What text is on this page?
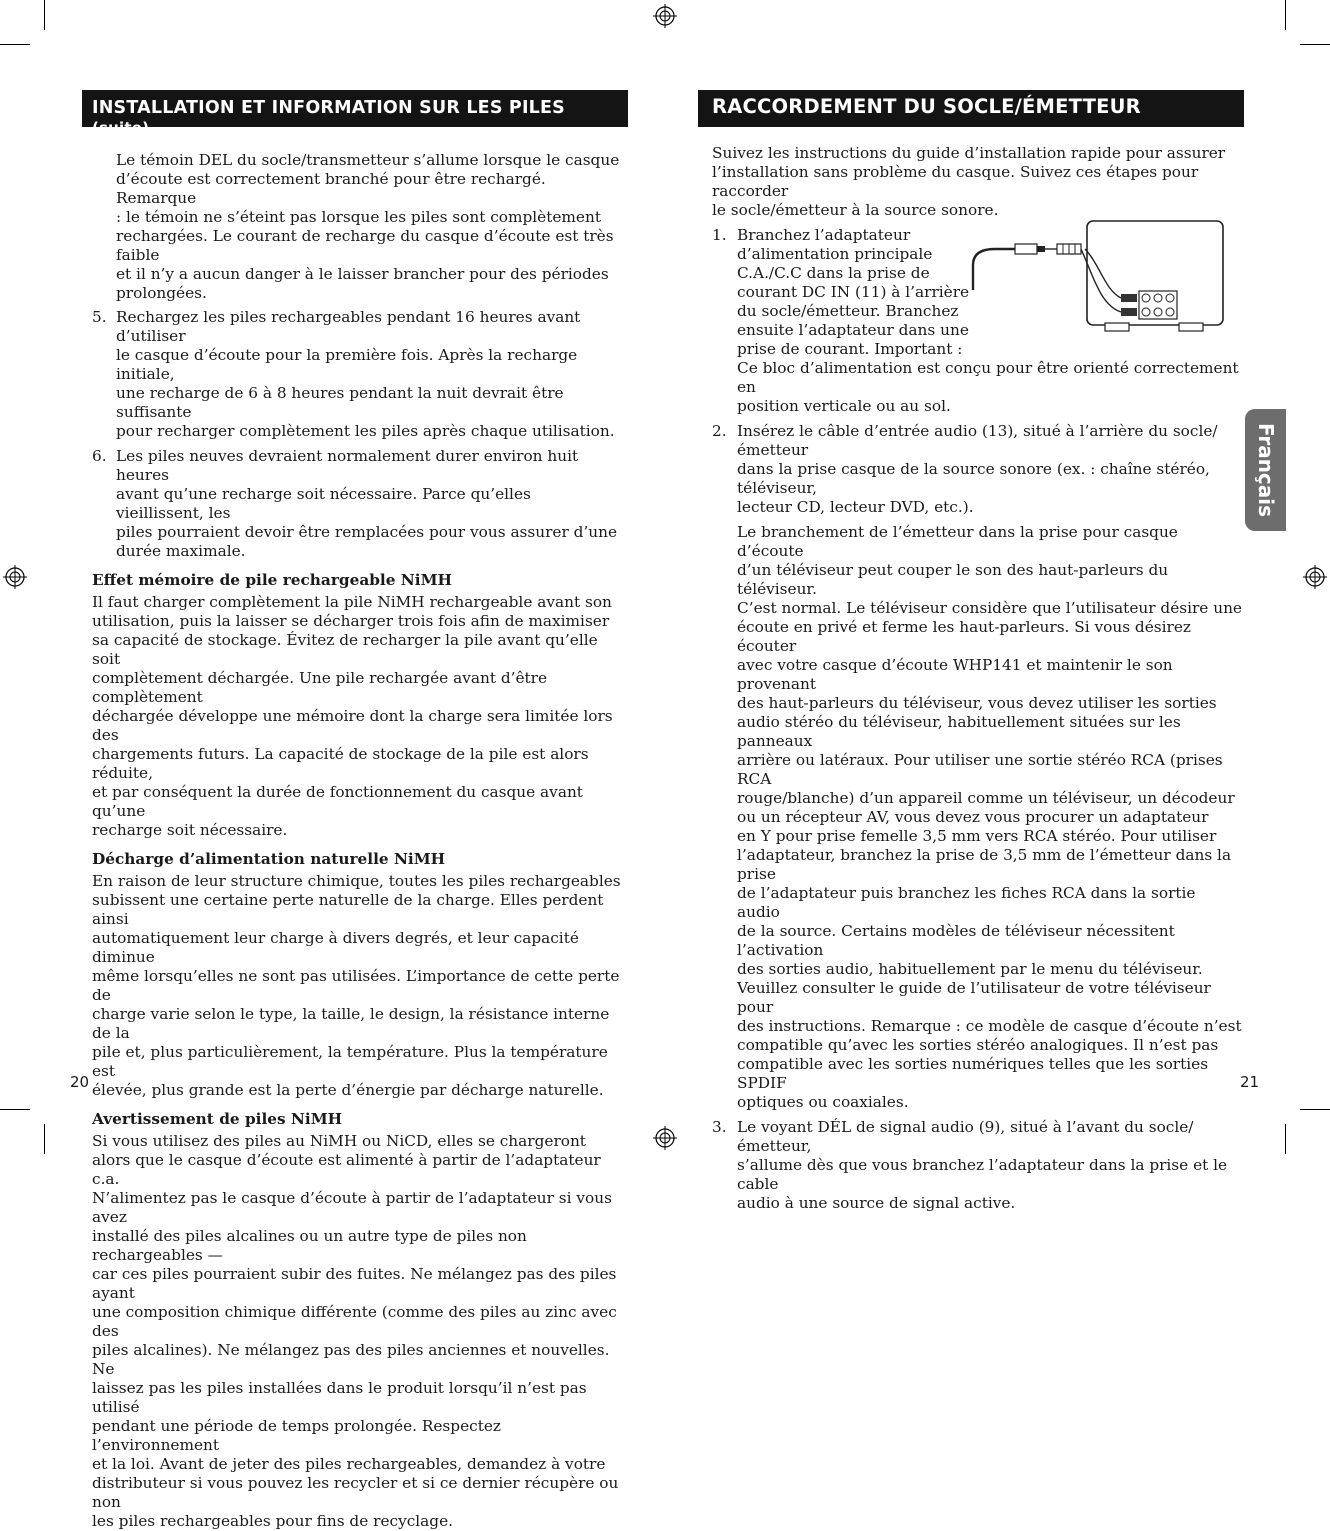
INSTALLATION ET INFORMATION SUR LES PILES (suite)
Le témoin DEL du socle/transmetteur s’allume lorsque le casque
d’écoute est correctement branché pour être rechargé. Remarque
: le témoin ne s’éteint pas lorsque les piles sont complètement
rechargées. Le courant de recharge du casque d’écoute est très faible
et il n’y a aucun danger à le laisser brancher pour des périodes
prolongées.
5. Rechargez les piles rechargeables pendant 16 heures avant d’utiliser
le casque d’écoute pour la première fois. Après la recharge initiale,
une recharge de 6 à 8 heures pendant la nuit devrait être suffisante
pour recharger complètement les piles après chaque utilisation.
6. Les piles neuves devraient normalement durer environ huit heures
avant qu’une recharge soit nécessaire. Parce qu’elles vieillissent, les
piles pourraient devoir être remplacées pour vous assurer d’une
durée maximale.
Effet mémoire de pile rechargeable NiMH
Il faut charger complètement la pile NiMH rechargeable avant son
utilisation, puis la laisser se décharger trois fois afin de maximiser
sa capacité de stockage. Évitez de recharger la pile avant qu’elle soit
complètement déchargée. Une pile rechargée avant d’être complètement
déchargée développe une mémoire dont la charge sera limitée lors des
chargements futurs. La capacité de stockage de la pile est alors réduite,
et par conséquent la durée de fonctionnement du casque avant qu’une
recharge soit nécessaire.
Décharge d’alimentation naturelle NiMH
En raison de leur structure chimique, toutes les piles rechargeables
subissent une certaine perte naturelle de la charge. Elles perdent ainsi
automatiquement leur charge à divers degrés, et leur capacité diminue
même lorsqu’elles ne sont pas utilisées. L’importance de cette perte de
charge varie selon le type, la taille, le design, la résistance interne de la
pile et, plus particulièrement, la température. Plus la température est
élevée, plus grande est la perte d’énergie par décharge naturelle.
Avertissement de piles NiMH
Si vous utilisez des piles au NiMH ou NiCD, elles se chargeront
alors que le casque d’écoute est alimenté à partir de l’adaptateur c.a.
N’alimentez pas le casque d’écoute à partir de l’adaptateur si vous avez
installé des piles alcalines ou un autre type de piles non rechargeables —
car ces piles pourraient subir des fuites. Ne mélangez pas des piles ayant
une composition chimique différente (comme des piles au zinc avec des
piles alcalines). Ne mélangez pas des piles anciennes et nouvelles. Ne
laissez pas les piles installées dans le produit lorsqu’il n’est pas utilisé
pendant une période de temps prolongée. Respectez l’environnement
et la loi. Avant de jeter des piles rechargeables, demandez à votre
distributeur si vous pouvez les recycler et si ce dernier récupère ou non
les piles rechargeables pour fins de recyclage.
20
RACCORDEMENT DU SOCLE/ÉMETTEUR
Suivez les instructions du guide d’installation rapide pour assurer
l’installation sans problème du casque. Suivez ces étapes pour raccorder
le socle/émetteur à la source sonore.
1. Branchez l’adaptateur
d’alimentation principale
C.A./C.C dans la prise de
courant DC IN (11) à l’arrière
du socle/émetteur. Branchez
ensuite l’adaptateur dans une
prise de courant. Important :
Ce bloc d’alimentation est conçu pour être orienté correctement en
position verticale ou au sol.
2. Insérez le câble d’entrée audio (13), situé à l’arrière du socle/émetteur
dans la prise casque de la source sonore (ex. : chaîne stéréo, téléviseur,
lecteur CD, lecteur DVD, etc.).
Le branchement de l’émetteur dans la prise pour casque d’écoute
d’un téléviseur peut couper le son des haut-parleurs du téléviseur.
C’est normal. Le téléviseur considère que l’utilisateur désire une
écoute en privé et ferme les haut-parleurs. Si vous désirez écouter
avec votre casque d’écoute WHP141 et maintenir le son provenant
des haut-parleurs du téléviseur, vous devez utiliser les sorties
audio stéréo du téléviseur, habituellement situées sur les panneaux
arrière ou latéraux. Pour utiliser une sortie stéréo RCA (prises RCA
rouge/blanche) d’un appareil comme un téléviseur, un décodeur
ou un récepteur AV, vous devez vous procurer un adaptateur
en Y pour prise femelle 3,5 mm vers RCA stéréo. Pour utiliser
l’adaptateur, branchez la prise de 3,5 mm de l’émetteur dans la prise
de l’adaptateur puis branchez les fiches RCA dans la sortie audio
de la source. Certains modèles de téléviseur nécessitent l’activation
des sorties audio, habituellement par le menu du téléviseur.
Veuillez consulter le guide de l’utilisateur de votre téléviseur pour
des instructions. Remarque : ce modèle de casque d’écoute n’est
compatible qu’avec les sorties stéréo analogiques. Il n’est pas
compatible avec les sorties numériques telles que les sorties SPDIF
optiques ou coaxiales.
3. Le voyant DÉL de signal audio (9), situé à l’avant du socle/émetteur,
s’allume dès que vous branchez l’adaptateur dans la prise et le cable
audio à une source de signal active.
21
Français
